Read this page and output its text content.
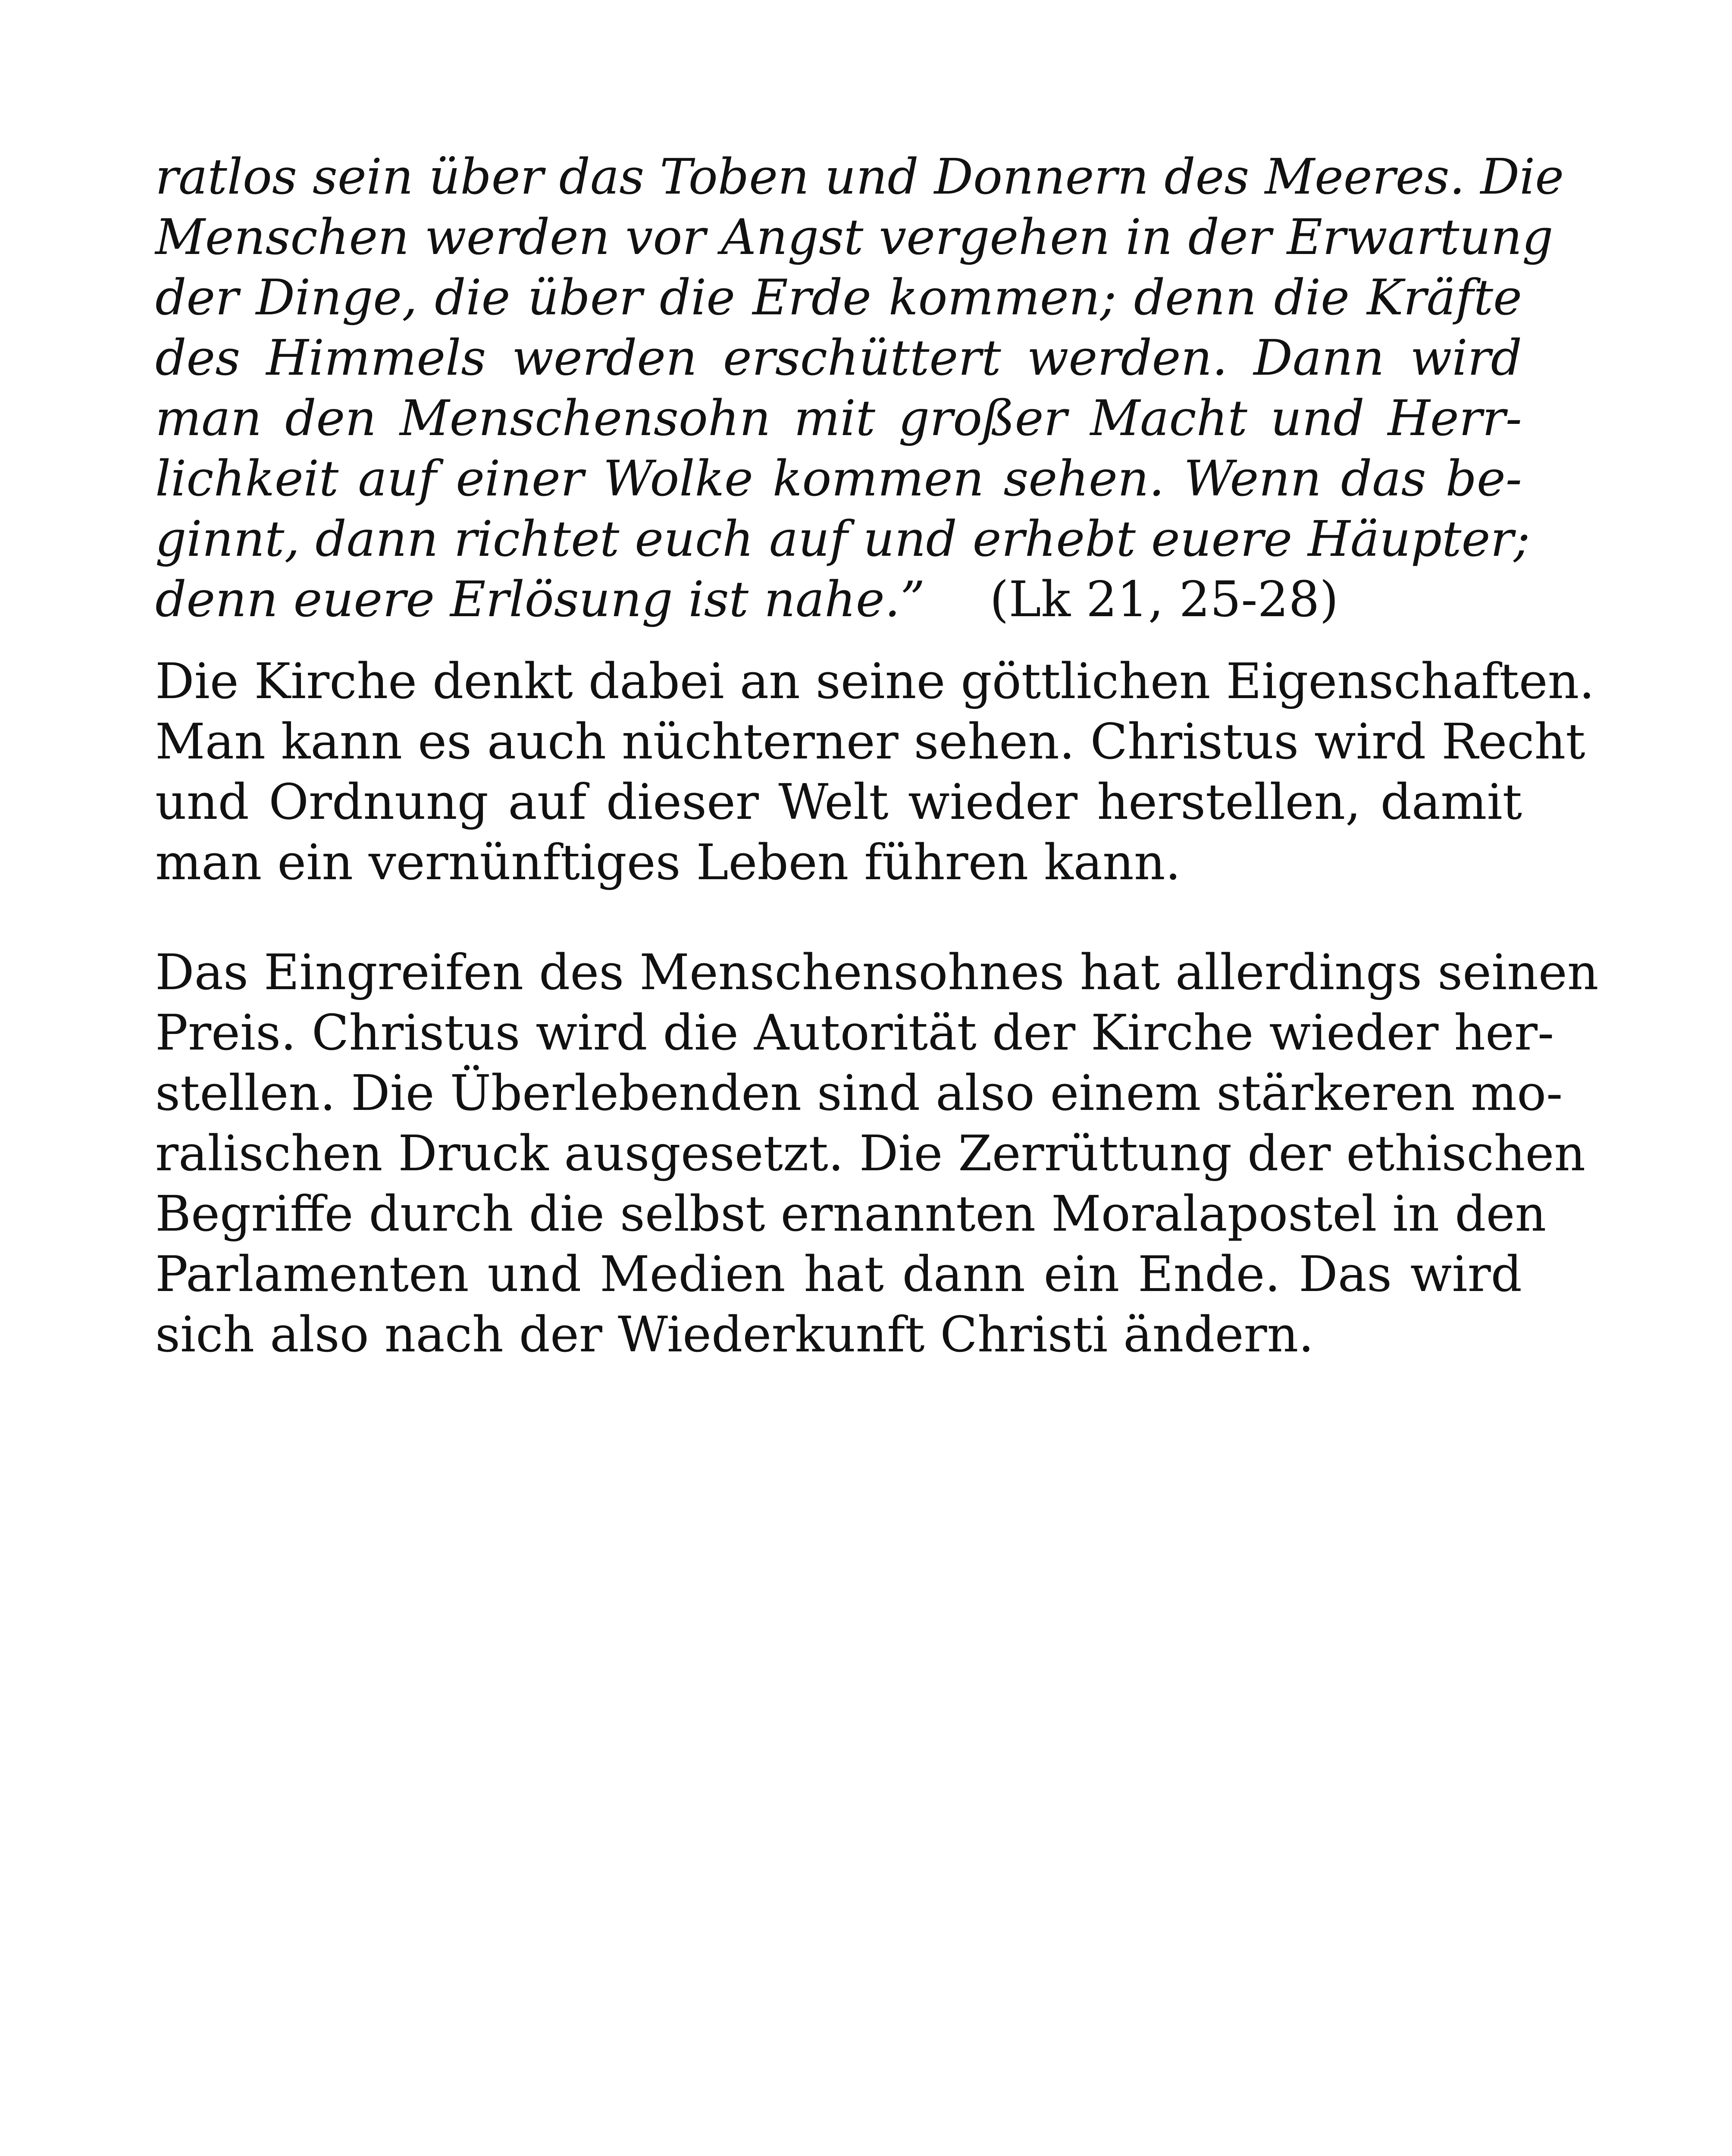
ratlos sein über das Toben und Donnern des Meeres. Die
Menschen werden vor Angst vergehen in der Erwartung
der Dinge, die über die Erde kommen; denn die Kräfte
des Himmels werden erschüttert werden. Dann wird
man den Menschensohn mit großer Macht und Herr-
lichkeit auf einer Wolke kommen sehen. Wenn das be-
ginnt, dann richtet euch auf und erhebt euere Häupter;
denn euere Erlösung ist nahe.” (Lk 21, 25-28)
Die Kirche denkt dabei an seine göttlichen Eigenschaften.
Man kann es auch nüchterner sehen. Christus wird Recht
und Ordnung auf dieser Welt wieder herstellen, damit
man ein vernünftiges Leben führen kann.
Das Eingreifen des Menschensohnes hat allerdings seinen
Preis. Christus wird die Autorität der Kirche wieder her-
stellen. Die Überlebenden sind also einem stärkeren mo-
ralischen Druck ausgesetzt. Die Zerrüttung der ethischen
Begriffe durch die selbst ernannten Moralapostel in den
Parlamenten und Medien hat dann ein Ende. Das wird
sich also nach der Wiederkunft Christi ändern.
